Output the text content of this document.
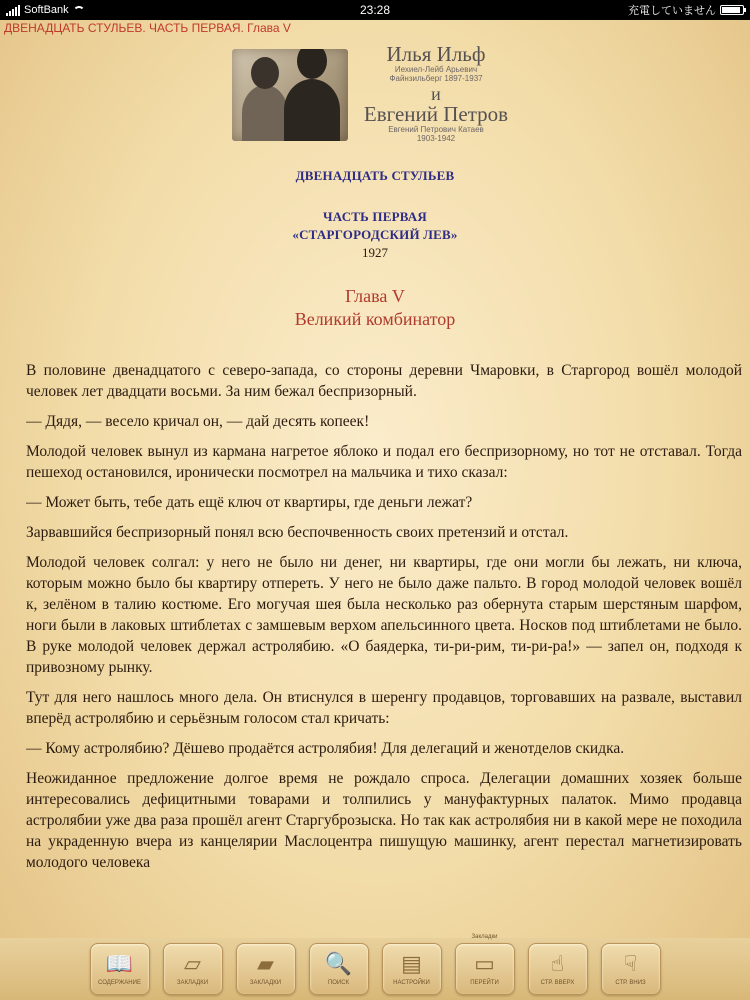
SoftBank	23:28	充電していません
ДВЕНАДЦАТЬ СТУЛЬЕВ. ЧАСТЬ ПЕРВАЯ. Глава V
Илья Ильф
Иехиел-Лейб Арьевич
Файнзильберг 1897-1937
и
Евгений Петров
Евгений Петрович Катаев
1903-1942
ДВЕНАДЦАТЬ СТУЛЬЕВ
ЧАСТЬ ПЕРВАЯ
«СТАРГОРОДСКИЙ ЛЕВ»
1927
Глава V
Великий комбинатор

В половине двенадцатого с северо-запада, со стороны деревни Чмаровки, в Старгород вошёл молодой человек лет двадцати восьми. За ним бежал беспризорный.

— Дядя, — весело кричал он, — дай десять копеек!

Молодой человек вынул из кармана нагретое яблоко и подал его беспризорному, но тот не отставал. Тогда пешеход остановился, иронически посмотрел на мальчика и тихо сказал:

— Может быть, тебе дать ещё ключ от квартиры, где деньги лежат?

Зарвавшийся беспризорный понял всю беспочвенность своих претензий и отстал.

Молодой человек солгал: у него не было ни денег, ни квартиры, где они могли бы лежать, ни ключа, которым можно было бы квартиру отпереть. У него не было даже пальто. В город молодой человек вошёл к, зелёном в талию костюме. Его могучая шея была несколько раз обернута старым шерстяным шарфом, ноги были в лаковых штиблетах с замшевым верхом апельсинного цвета. Носков под штиблетами не было. В руке молодой человек держал астролябию. «О баядерка, ти-ри-рим, ти-ри-ра!» — запел он, подходя к привозному рынку.

Тут для него нашлось много дела. Он втиснулся в шеренгу продавцов, торговавших на развале, выставил вперёд астролябию и серьёзным голосом стал кричать:

— Кому астролябию? Дёшево продаётся астролябия! Для делегаций и женотделов скидка.

Неожиданное предложение долгое время не рождало спроса. Делегации домашних хозяек больше интересовались дефицитными товарами и толпились у мануфактурных палаток. Мимо продавца астролябии уже два раза прошёл агент Старгуброзыска. Но так как астролябия ни в какой мере не походила на украденную вчера из канцелярии Маслоцентра пишущую машинку, агент перестал магнетизировать молодого человека

📖
СОДЕРЖАНИЕ
▱
ЗАКЛАДКИ
▰
ЗАКЛАДКИ
🔍
ПОИСК
▤
НАСТРОЙКИ
Закладки
▭
ПЕРЕЙТИ
☝
СТР. ВВЕРХ
☟
СТР. ВНИЗ
